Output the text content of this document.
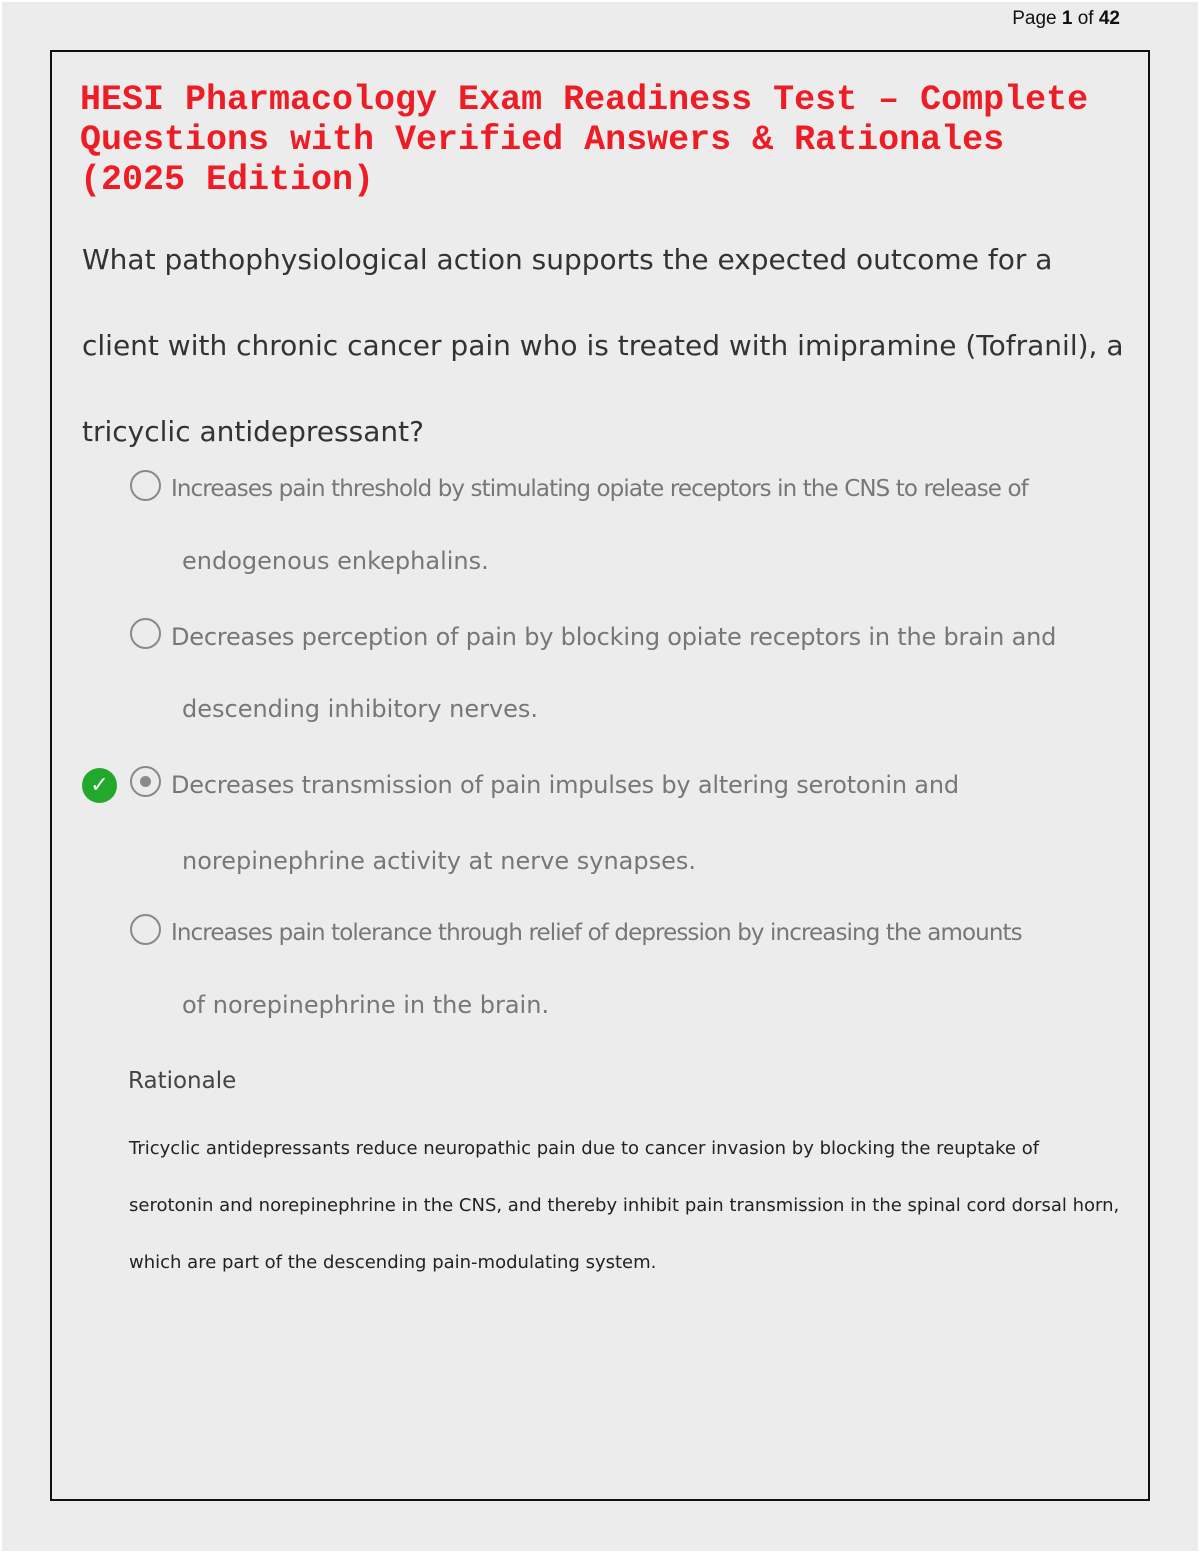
Page 1 of 42
HESI Pharmacology Exam Readiness Test – Complete Questions with Verified Answers & Rationales (2025 Edition)

What pathophysiological action supports the expected outcome for a client with chronic cancer pain who is treated with imipramine (Tofranil), a tricyclic antidepressant?

Increases pain threshold by stimulating opiate receptors in the CNS to release of
endogenous enkephalins.
Decreases perception of pain by blocking opiate receptors in the brain and
descending inhibitory nerves.
✓	Decreases transmission of pain impulses by altering serotonin and
norepinephrine activity at nerve synapses.
Increases pain tolerance through relief of depression by increasing the amounts
of norepinephrine in the brain.
Rationale

Tricyclic antidepressants reduce neuropathic pain due to cancer invasion by blocking the reuptake of serotonin and norepinephrine in the CNS, and thereby inhibit pain transmission in the spinal cord dorsal horn, which are part of the descending pain-modulating system.
